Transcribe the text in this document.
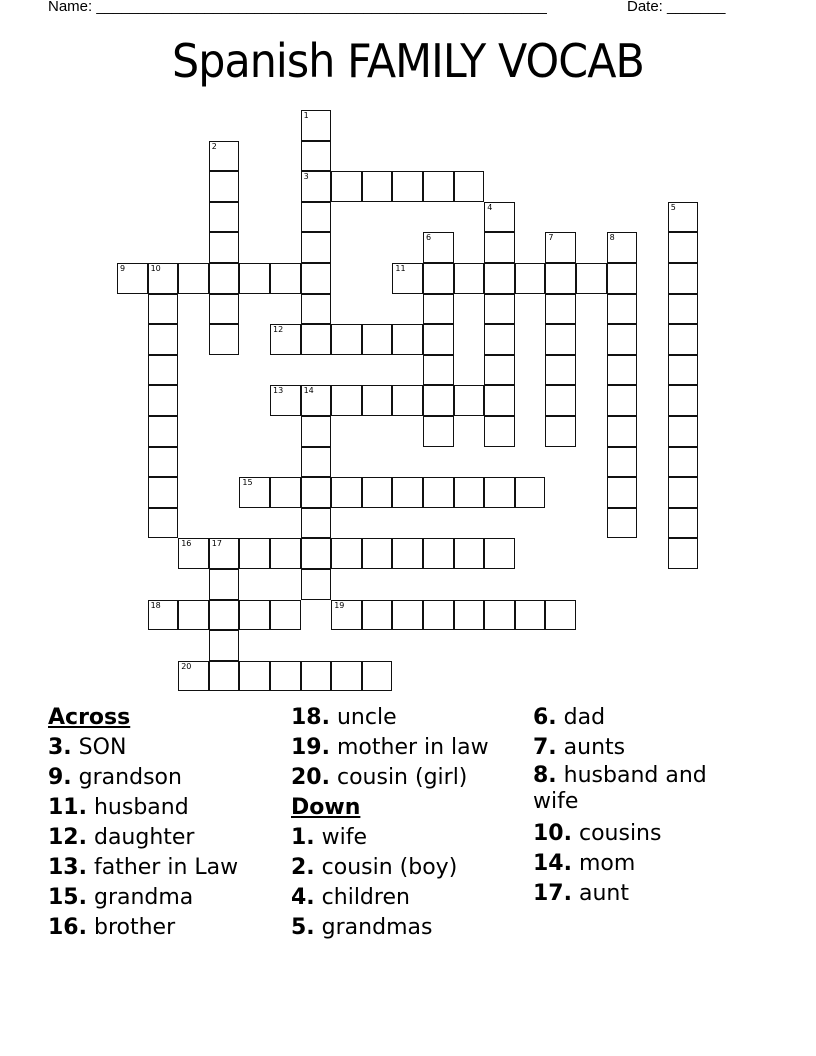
Name: ______________________________________________________	Date: _______
Spanish FAMILY VOCAB
1
3
2
4	5
6	7	8
9	10	11
12
13	14
15
16	17
18	19
20
Across
3. SON
9. grandson
11. husband
12. daughter
13. father in Law
15. grandma
16. brother
18. uncle
19. mother in law
20. cousin (girl)
Down
1. wife
2. cousin (boy)
4. children
5. grandmas
6. dad
7. aunts
8. husband and wife
10. cousins
14. mom
17. aunt
